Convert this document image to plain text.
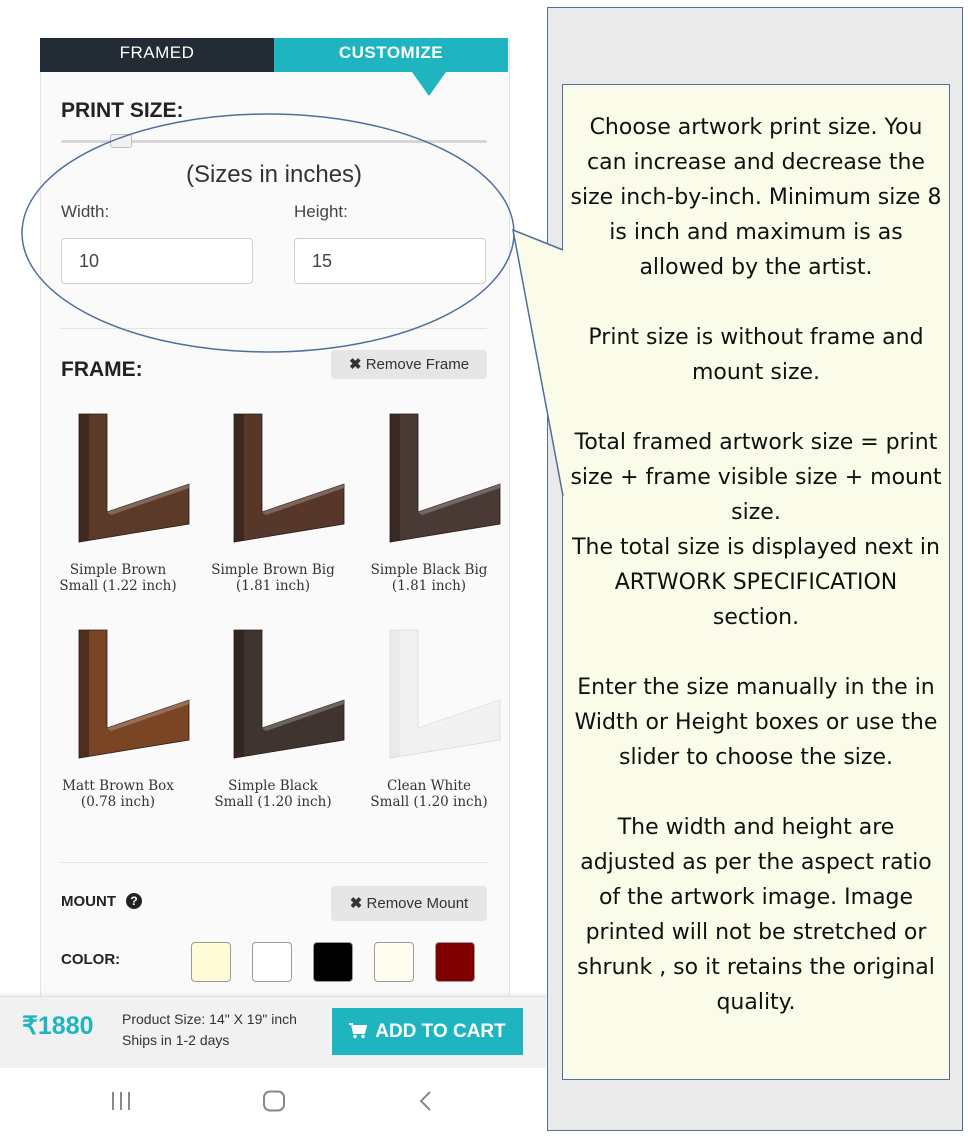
FRAMED	CUSTOMIZE
PRINT SIZE:
(Sizes in inches)
Width:	Height:
10
15
FRAME:	✖ Remove Frame
Simple Brown
Small (1.22 inch)
Simple Brown Big
(1.81 inch)
Simple Black Big
(1.81 inch)
Matt Brown Box
(0.78 inch)
Simple Black
Small (1.20 inch)
Clean White
Small (1.20 inch)
MOUNT	?	✖ Remove Mount
COLOR:
₹1880 Product Size: 14" X 19" inch
Ships in 1-2 days	ADD TO CART
Choose artwork print size. You can increase and decrease the size inch-by-inch. Minimum size 8 is inch and maximum is as allowed by the artist.

Print size is without frame and mount size.

Total framed artwork size = print size + frame visible size + mount size.
The total size is displayed next in ARTWORK SPECIFICATION section.

Enter the size manually in the in Width or Height boxes or use the slider to choose the size.

The width and height are adjusted as per the aspect ratio of the artwork image. Image printed will not be stretched or shrunk , so it retains the original quality.
